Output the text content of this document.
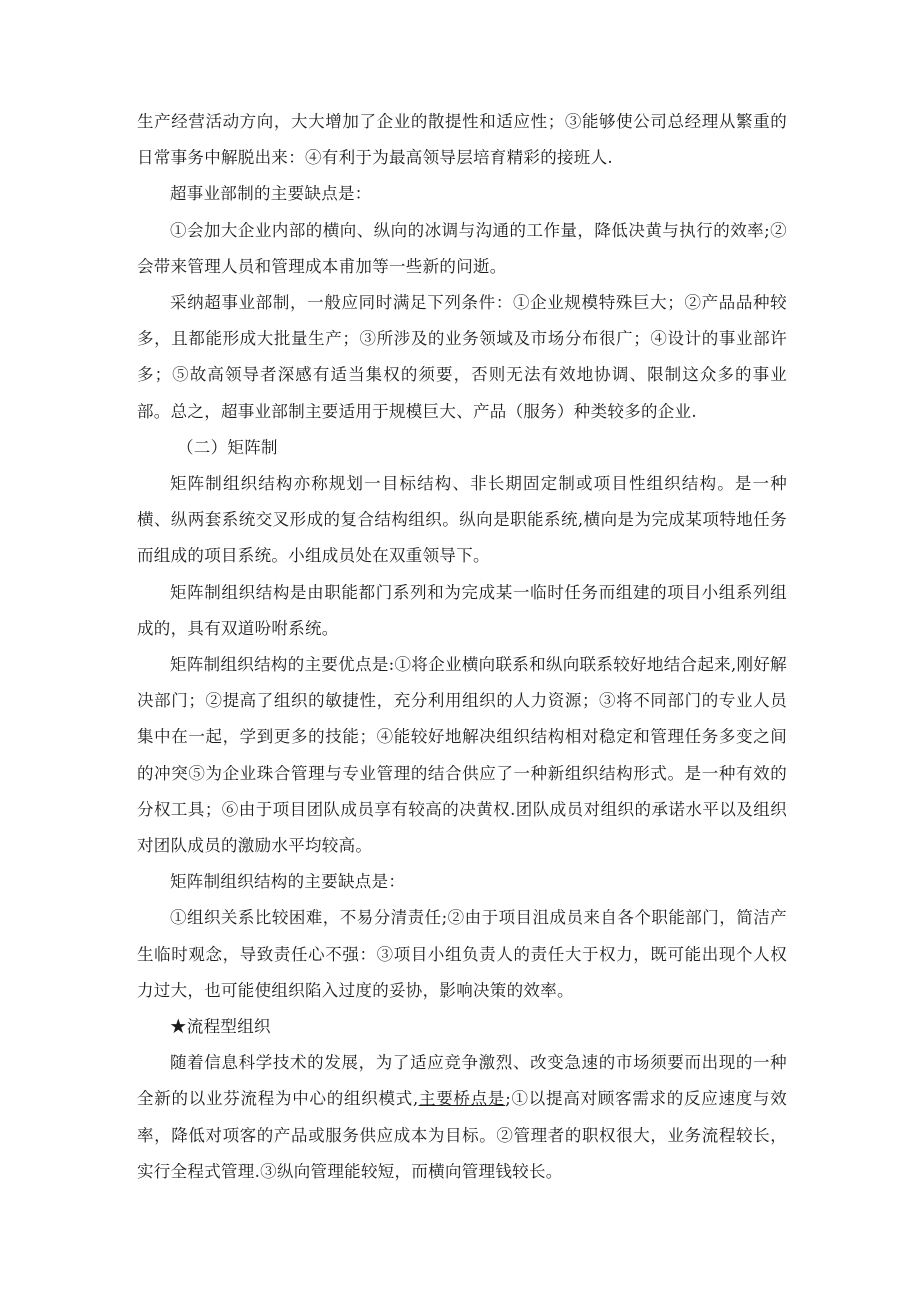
生产经营活动方向，大大增加了企业的散提性和适应性；③能够使公司总经理从繁重的日常事务中解脱出来：④有利于为最高领导层培育精彩的接班人.

超事业部制的主要缺点是：

①会加大企业内部的横向、纵向的冰调与沟通的工作量，降低决黄与执行的效率;②会带来管理人员和管理成本甫加等一些新的问逝。

采纳超事业部制，一般应同时满足下列条件：①企业规模特殊巨大；②产品品种较多，且都能形成大批量生产；③所涉及的业务领域及市场分布很广；④设计的事业部许多；⑤故高领导者深感有适当集权的须要，否则无法有效地协调、限制这众多的事业部。总之，超事业部制主要适用于规模巨大、产品（服务）种类较多的企业.

（二）矩阵制

矩阵制组织结构亦称规划一目标结构、非长期固定制或项目性组织结构。是一种横、纵两套系统交叉形成的复合结构组织。纵向是职能系统,横向是为完成某项特地任务而组成的项目系统。小组成员处在双重领导下。

矩阵制组织结构是由职能都门系列和为完成某一临时任务而组建的项目小组系列组成的，具有双道吩咐系统。

矩阵制组织结构的主要优点是:①将企业横向联系和纵向联系较好地结合起来,刚好解决部门；②提高了组织的敏捷性，充分利用组织的人力资源；③将不同部门的专业人员集中在一起，学到更多的技能；④能较好地解决组织结构相对稳定和管理任务多变之间的冲突⑤为企业珠合管理与专业管理的结合供应了一种新组织结构形式。是一种有效的分权工具；⑥由于项目团队成员享有较高的决黄权.团队成员对组织的承诺水平以及组织对团队成员的激励水平均较高。

矩阵制组织结构的主要缺点是：

①组织关系比较困难，不易分清责任;②由于项目沮成员来自各个职能部门，简洁产生临时观念，导致责任心不强：③项目小组负责人的责任大于权力，既可能出现个人权力过大，也可能使组织陷入过度的妥协，影响决策的效率。

★流程型组织

随着信息科学技术的发展，为了适应竞争激烈、改变急速的市场须要而出现的一种全新的以业芬流程为中心的组织模式,主要桥点是;①以提高对顾客需求的反应速度与效率，降低对项客的产品或服务供应成本为目标。②管理者的职权很大，业务流程较长，实行全程式管理.③纵向管理能较短，而横向管理钱较长。
